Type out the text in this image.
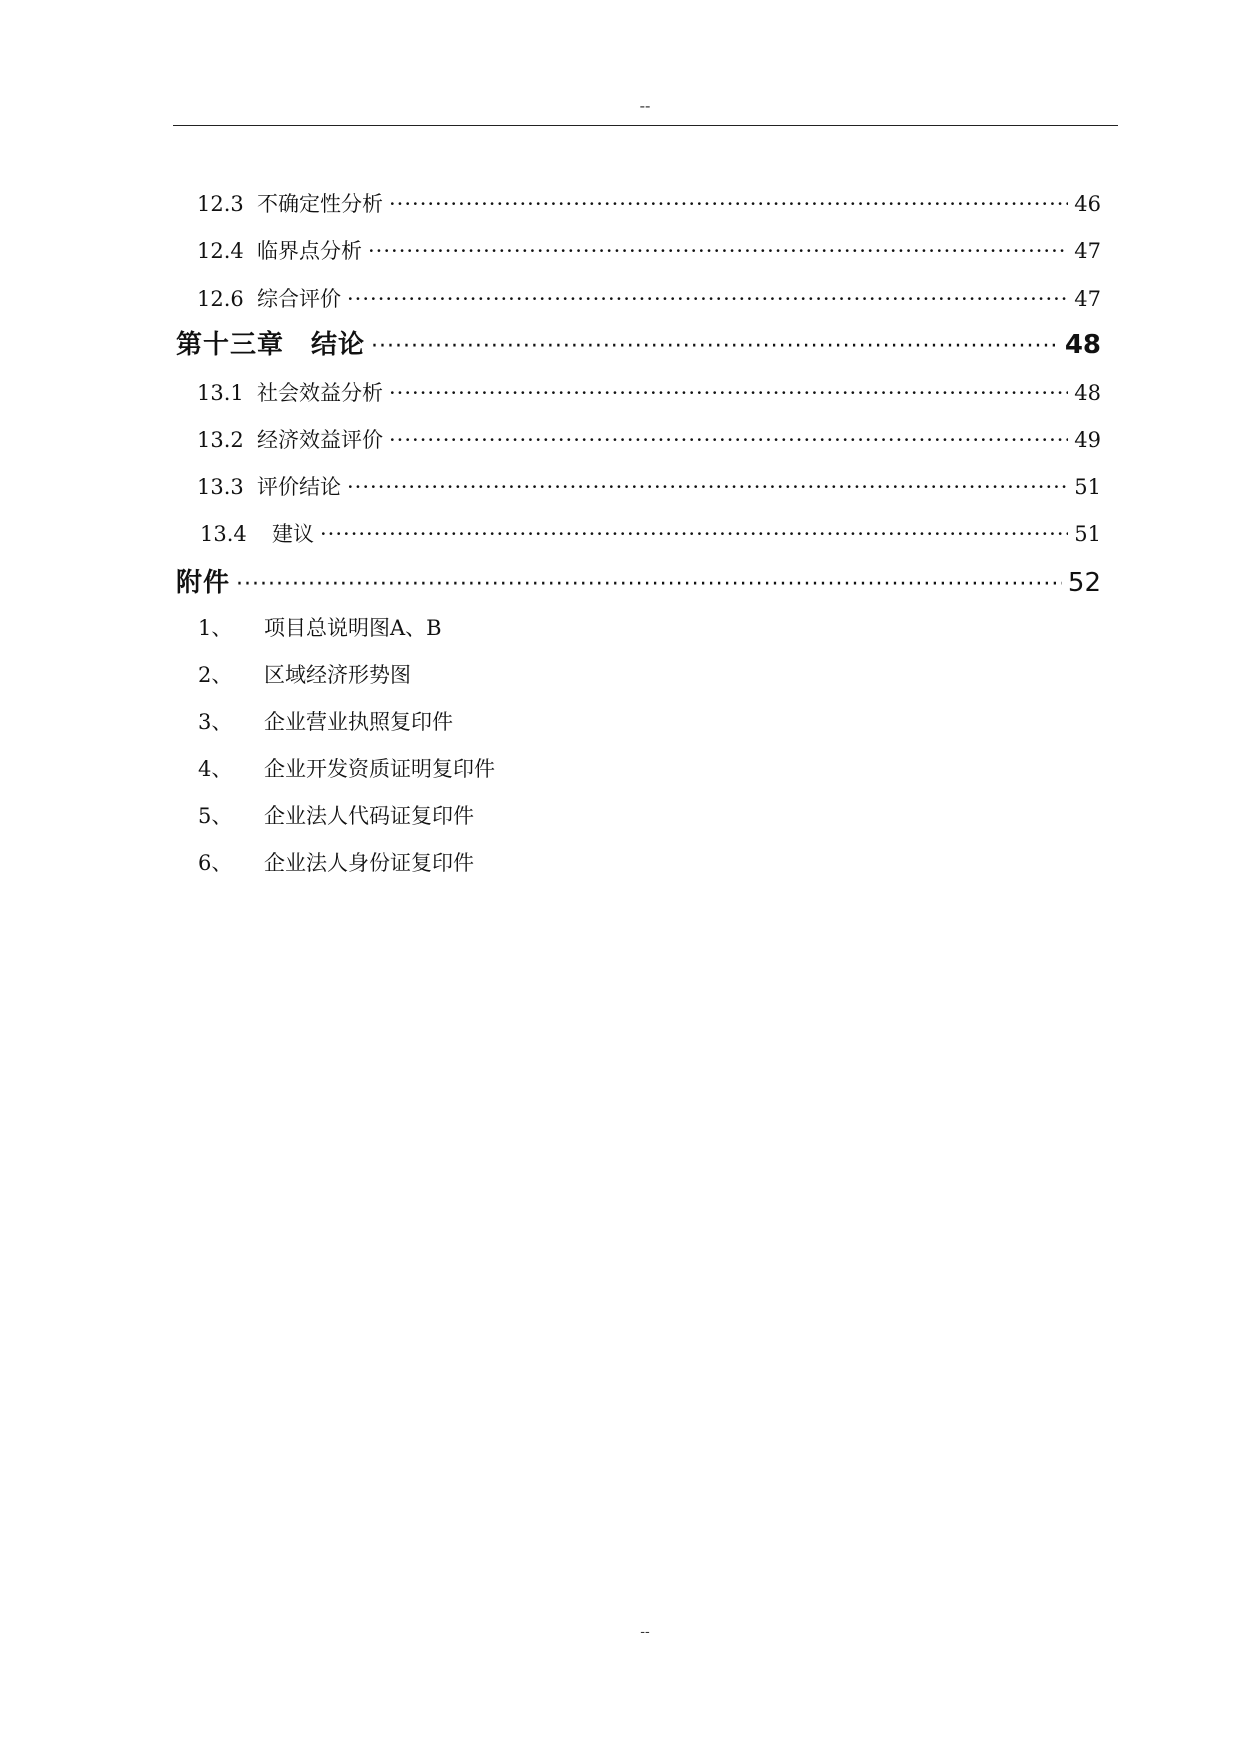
--
12.3 不确定性分析 ·····	46
12.4 临界点分析 ·····	47
12.6 综合评价 ·····	47
第十三章　结论 ·····	48
13.1 社会效益分析 ·····	48
13.2 经济效益评价 ·····	49
13.3 评价结论 ·····	51
13.4	建议 ·····	51
附件 ·····	52
1、 项目总说明图A、B
2、 区域经济形势图
3、 企业营业执照复印件
4、 企业开发资质证明复印件
5、 企业法人代码证复印件
6、 企业法人身份证复印件
--
